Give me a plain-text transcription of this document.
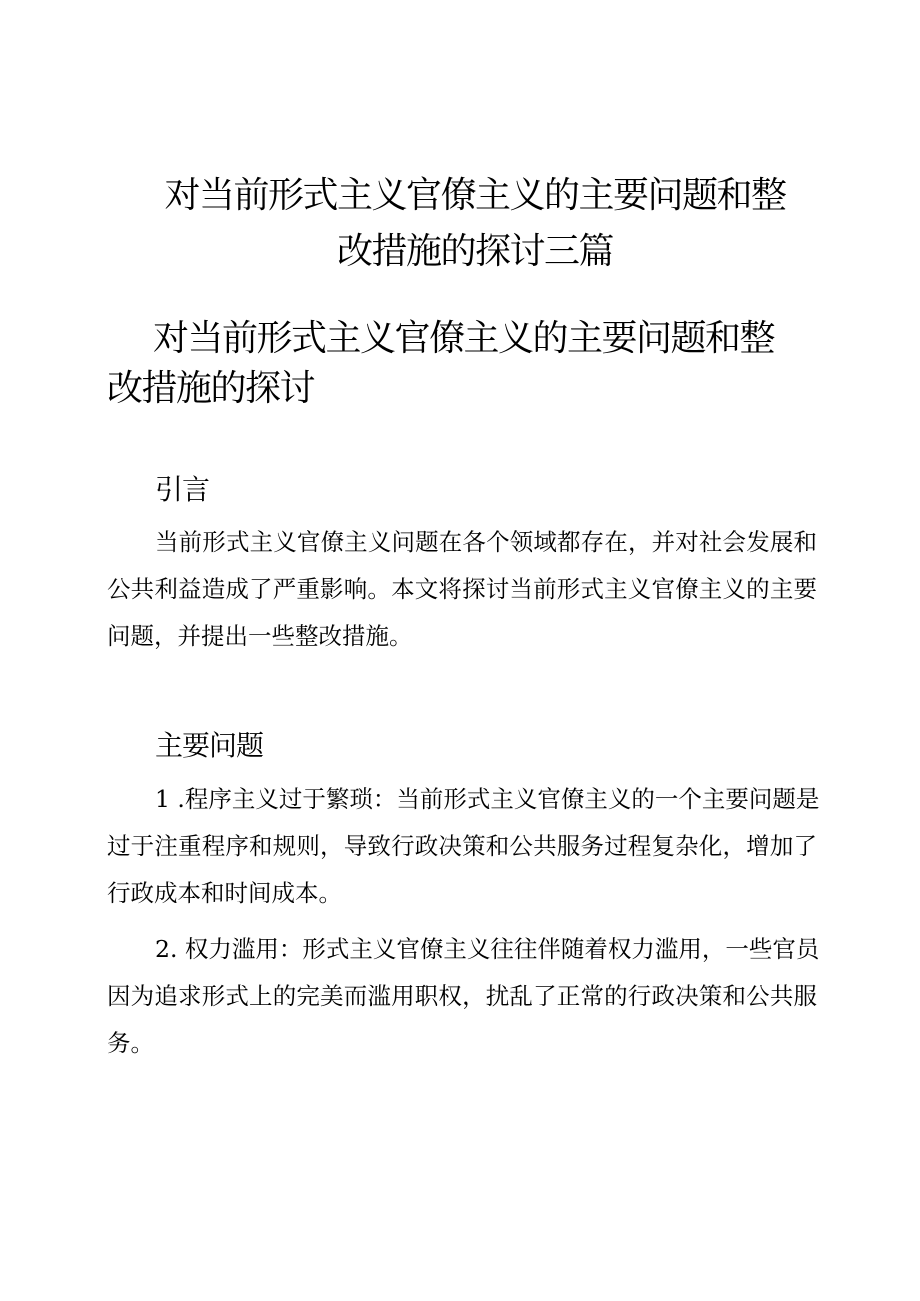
对当前形式主义官僚主义的主要问题和整
改措施的探讨三篇
对当前形式主义官僚主义的主要问题和整
改措施的探讨
引言

当前形式主义官僚主义问题在各个领域都存在，并对社会发展和
公共利益造成了严重影响。本文将探讨当前形式主义官僚主义的主要
问题，并提出一些整改措施。

主要问题

1 .程序主义过于繁琐：当前形式主义官僚主义的一个主要问题是
过于注重程序和规则，导致行政决策和公共服务过程复杂化，增加了
行政成本和时间成本。

2. 权力滥用：形式主义官僚主义往往伴随着权力滥用，一些官员
因为追求形式上的完美而滥用职权，扰乱了正常的行政决策和公共服
务。
